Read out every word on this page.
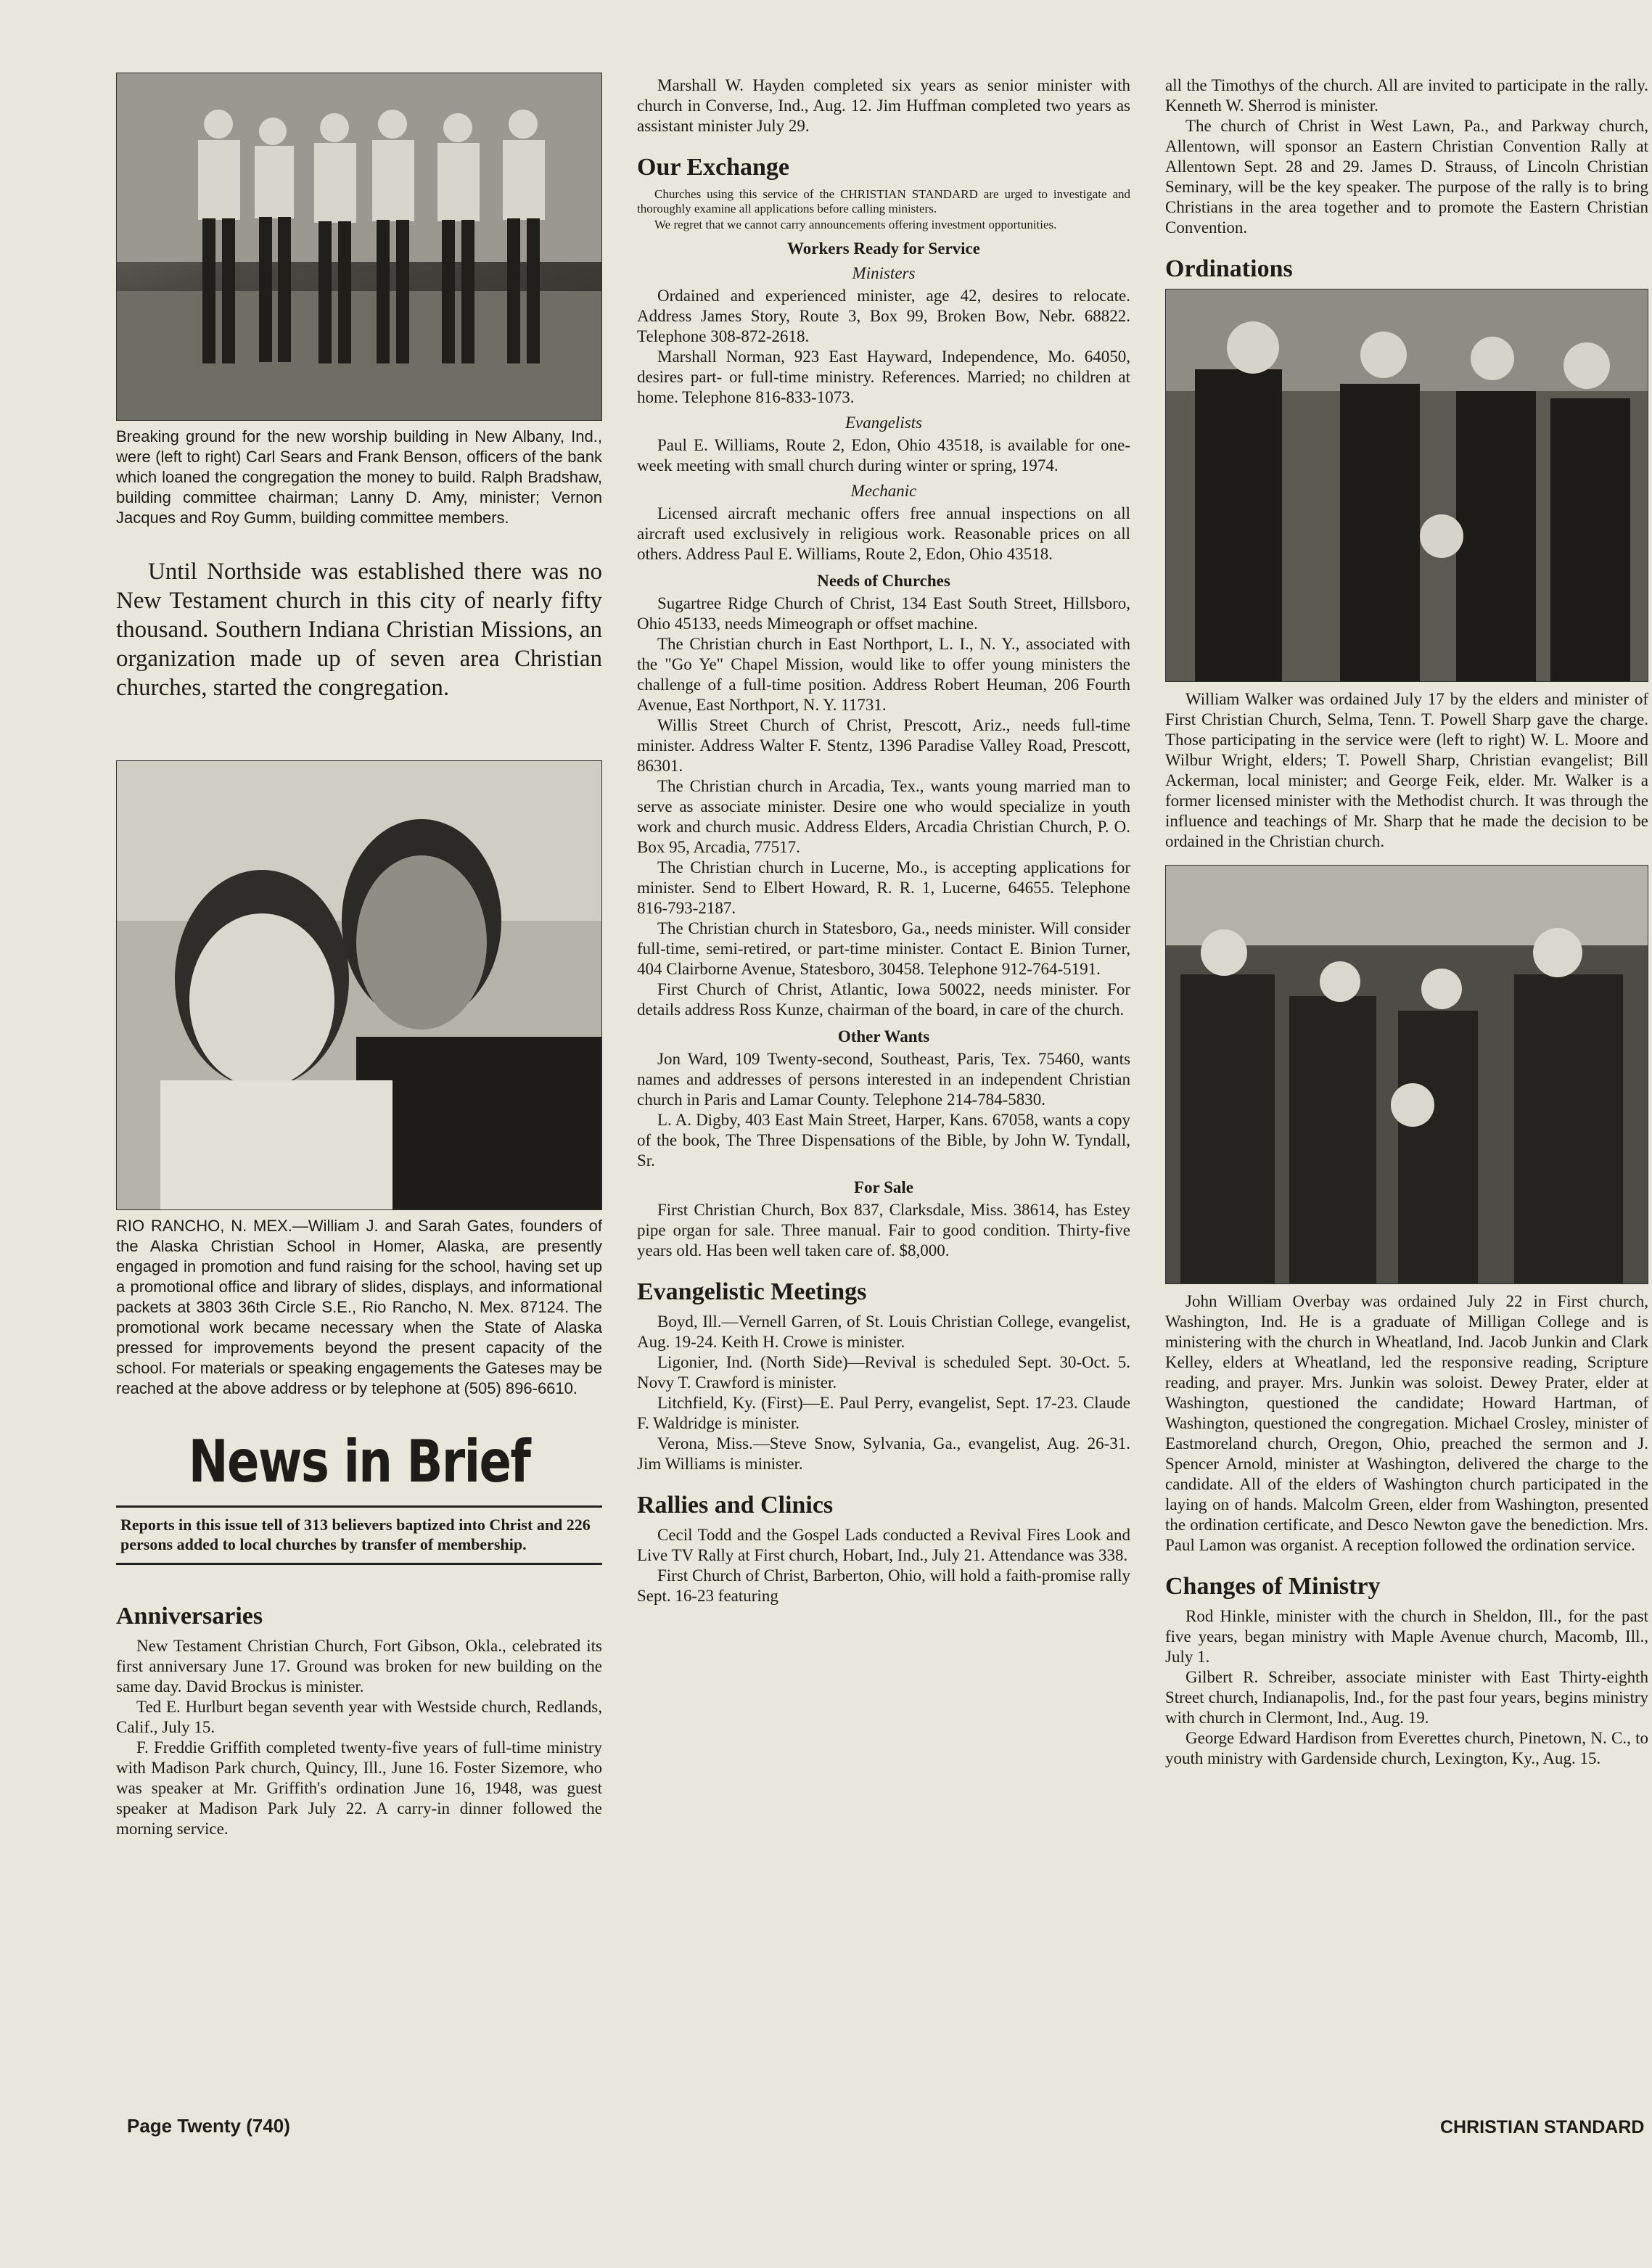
Breaking ground for the new worship building in New Albany, Ind., were (left to right) Carl Sears and Frank Benson, officers of the bank which loaned the congregation the money to build. Ralph Bradshaw, building committee chairman; Lanny D. Amy, minister; Vernon Jacques and Roy Gumm, building committee members.

Until Northside was established there was no New Testament church in this city of nearly fifty thousand. Southern Indiana Christian Missions, an organization made up of seven area Christian churches, started the congregation.

RIO RANCHO, N. MEX.—William J. and Sarah Gates, founders of the Alaska Christian School in Homer, Alaska, are presently engaged in promotion and fund raising for the school, having set up a promotional office and library of slides, displays, and informational packets at 3803 36th Circle S.E., Rio Rancho, N. Mex. 87124. The promotional work became necessary when the State of Alaska pressed for improvements beyond the present capacity of the school. For materials or speaking engagements the Gateses may be reached at the above address or by telephone at (505) 896-6610.

News in Brief
Reports in this issue tell of 313 believers baptized into Christ and 226 persons added to local churches by transfer of membership.
Anniversaries

New Testament Christian Church, Fort Gibson, Okla., celebrated its first anniversary June 17. Ground was broken for new building on the same day. David Brockus is minister.

Ted E. Hurlburt began seventh year with Westside church, Redlands, Calif., July 15.

F. Freddie Griffith completed twenty-five years of full-time ministry with Madison Park church, Quincy, Ill., June 16. Foster Sizemore, who was speaker at Mr. Griffith's ordination June 16, 1948, was guest speaker at Madison Park July 22. A carry-in dinner followed the morning service.

Marshall W. Hayden completed six years as senior minister with church in Converse, Ind., Aug. 12. Jim Huffman completed two years as assistant minister July 29.

Our Exchange

Churches using this service of the CHRISTIAN STANDARD are urged to investigate and thoroughly examine all applications before calling ministers.

We regret that we cannot carry announcements offering investment opportunities.

Workers Ready for Service
Ministers

Ordained and experienced minister, age 42, desires to relocate. Address James Story, Route 3, Box 99, Broken Bow, Nebr. 68822. Telephone 308-872-2618.

Marshall Norman, 923 East Hayward, Independence, Mo. 64050, desires part- or full-time ministry. References. Married; no children at home. Telephone 816-833-1073.

Evangelists

Paul E. Williams, Route 2, Edon, Ohio 43518, is available for one-week meeting with small church during winter or spring, 1974.

Mechanic

Licensed aircraft mechanic offers free annual inspections on all aircraft used exclusively in religious work. Reasonable prices on all others. Address Paul E. Williams, Route 2, Edon, Ohio 43518.

Needs of Churches

Sugartree Ridge Church of Christ, 134 East South Street, Hillsboro, Ohio 45133, needs Mimeograph or offset machine.

The Christian church in East Northport, L. I., N. Y., associated with the "Go Ye" Chapel Mission, would like to offer young ministers the challenge of a full-time position. Address Robert Heuman, 206 Fourth Avenue, East Northport, N. Y. 11731.

Willis Street Church of Christ, Prescott, Ariz., needs full-time minister. Address Walter F. Stentz, 1396 Paradise Valley Road, Prescott, 86301.

The Christian church in Arcadia, Tex., wants young married man to serve as associate minister. Desire one who would specialize in youth work and church music. Address Elders, Arcadia Christian Church, P. O. Box 95, Arcadia, 77517.

The Christian church in Lucerne, Mo., is accepting applications for minister. Send to Elbert Howard, R. R. 1, Lucerne, 64655. Telephone 816-793-2187.

The Christian church in Statesboro, Ga., needs minister. Will consider full-time, semi-retired, or part-time minister. Contact E. Binion Turner, 404 Clairborne Avenue, Statesboro, 30458. Telephone 912-764-5191.

First Church of Christ, Atlantic, Iowa 50022, needs minister. For details address Ross Kunze, chairman of the board, in care of the church.

Other Wants

Jon Ward, 109 Twenty-second, Southeast, Paris, Tex. 75460, wants names and addresses of persons interested in an independent Christian church in Paris and Lamar County. Telephone 214-784-5830.

L. A. Digby, 403 East Main Street, Harper, Kans. 67058, wants a copy of the book, The Three Dispensations of the Bible, by John W. Tyndall, Sr.

For Sale

First Christian Church, Box 837, Clarksdale, Miss. 38614, has Estey pipe organ for sale. Three manual. Fair to good condition. Thirty-five years old. Has been well taken care of. $8,000.

Evangelistic Meetings

Boyd, Ill.—Vernell Garren, of St. Louis Christian College, evangelist, Aug. 19-24. Keith H. Crowe is minister.

Ligonier, Ind. (North Side)—Revival is scheduled Sept. 30-Oct. 5. Novy T. Crawford is minister.

Litchfield, Ky. (First)—E. Paul Perry, evangelist, Sept. 17-23. Claude F. Waldridge is minister.

Verona, Miss.—Steve Snow, Sylvania, Ga., evangelist, Aug. 26-31. Jim Williams is minister.

Rallies and Clinics

Cecil Todd and the Gospel Lads conducted a Revival Fires Look and Live TV Rally at First church, Hobart, Ind., July 21. Attendance was 338.

First Church of Christ, Barberton, Ohio, will hold a faith-promise rally Sept. 16-23 featuring

all the Timothys of the church. All are invited to participate in the rally. Kenneth W. Sherrod is minister.

The church of Christ in West Lawn, Pa., and Parkway church, Allentown, will sponsor an Eastern Christian Convention Rally at Allentown Sept. 28 and 29. James D. Strauss, of Lincoln Christian Seminary, will be the key speaker. The purpose of the rally is to bring Christians in the area together and to promote the Eastern Christian Convention.

Ordinations

William Walker was ordained July 17 by the elders and minister of First Christian Church, Selma, Tenn. T. Powell Sharp gave the charge. Those participating in the service were (left to right) W. L. Moore and Wilbur Wright, elders; T. Powell Sharp, Christian evangelist; Bill Ackerman, local minister; and George Feik, elder. Mr. Walker is a former licensed minister with the Methodist church. It was through the influence and teachings of Mr. Sharp that he made the decision to be ordained in the Christian church.

John William Overbay was ordained July 22 in First church, Washington, Ind. He is a graduate of Milligan College and is ministering with the church in Wheatland, Ind. Jacob Junkin and Clark Kelley, elders at Wheatland, led the responsive reading, Scripture reading, and prayer. Mrs. Junkin was soloist. Dewey Prater, elder at Washington, questioned the candidate; Howard Hartman, of Washington, questioned the congregation. Michael Crosley, minister of Eastmoreland church, Oregon, Ohio, preached the sermon and J. Spencer Arnold, minister at Washington, delivered the charge to the candidate. All of the elders of Washington church participated in the laying on of hands. Malcolm Green, elder from Washington, presented the ordination certificate, and Desco Newton gave the benediction. Mrs. Paul Lamon was organist. A reception followed the ordination service.

Changes of Ministry

Rod Hinkle, minister with the church in Sheldon, Ill., for the past five years, began ministry with Maple Avenue church, Macomb, Ill., July 1.

Gilbert R. Schreiber, associate minister with East Thirty-eighth Street church, Indianapolis, Ind., for the past four years, begins ministry with church in Clermont, Ind., Aug. 19.

George Edward Hardison from Everettes church, Pinetown, N. C., to youth ministry with Gardenside church, Lexington, Ky., Aug. 15.

Page Twenty (740)	CHRISTIAN STANDARD
